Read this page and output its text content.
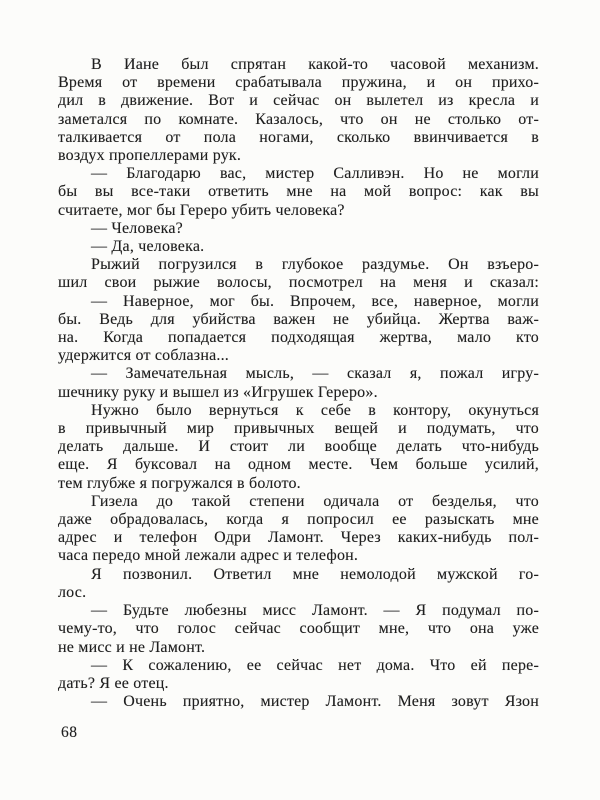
В Иане был спрятан какой-то часовой механизм.
Время от времени срабатывала пружина, и он прихо-
дил в движение. Вот и сейчас он вылетел из кресла и
заметался по комнате. Казалось, что он не столько от-
талкивается от пола ногами, сколько ввинчивается в
воздух пропеллерами рук.
— Благодарю вас, мистер Салливэн. Но не могли
бы вы все-таки ответить мне на мой вопрос: как вы
считаете, мог бы Гереро убить человека?
— Человека?
— Да, человека.
Рыжий погрузился в глубокое раздумье. Он взъеро-
шил свои рыжие волосы, посмотрел на меня и сказал:
— Наверное, мог бы. Впрочем, все, наверное, могли
бы. Ведь для убийства важен не убийца. Жертва важ-
на. Когда попадается подходящая жертва, мало кто
удержится от соблазна...
— Замечательная мысль, — сказал я, пожал игру-
шечнику руку и вышел из «Игрушек Гереро».
Нужно было вернуться к себе в контору, окунуться
в привычный мир привычных вещей и подумать, что
делать дальше. И стоит ли вообще делать что-нибудь
еще. Я буксовал на одном месте. Чем больше усилий,
тем глубже я погружался в болото.
Гизела до такой степени одичала от безделья, что
даже обрадовалась, когда я попросил ее разыскать мне
адрес и телефон Одри Ламонт. Через каких-нибудь пол-
часа передо мной лежали адрес и телефон.
Я позвонил. Ответил мне немолодой мужской го-
лос.
— Будьте любезны мисс Ламонт. — Я подумал по-
чему-то, что голос сейчас сообщит мне, что она уже
не мисс и не Ламонт.
— К сожалению, ее сейчас нет дома. Что ей пере-
дать? Я ее отец.
— Очень приятно, мистер Ламонт. Меня зовут Язон
68
